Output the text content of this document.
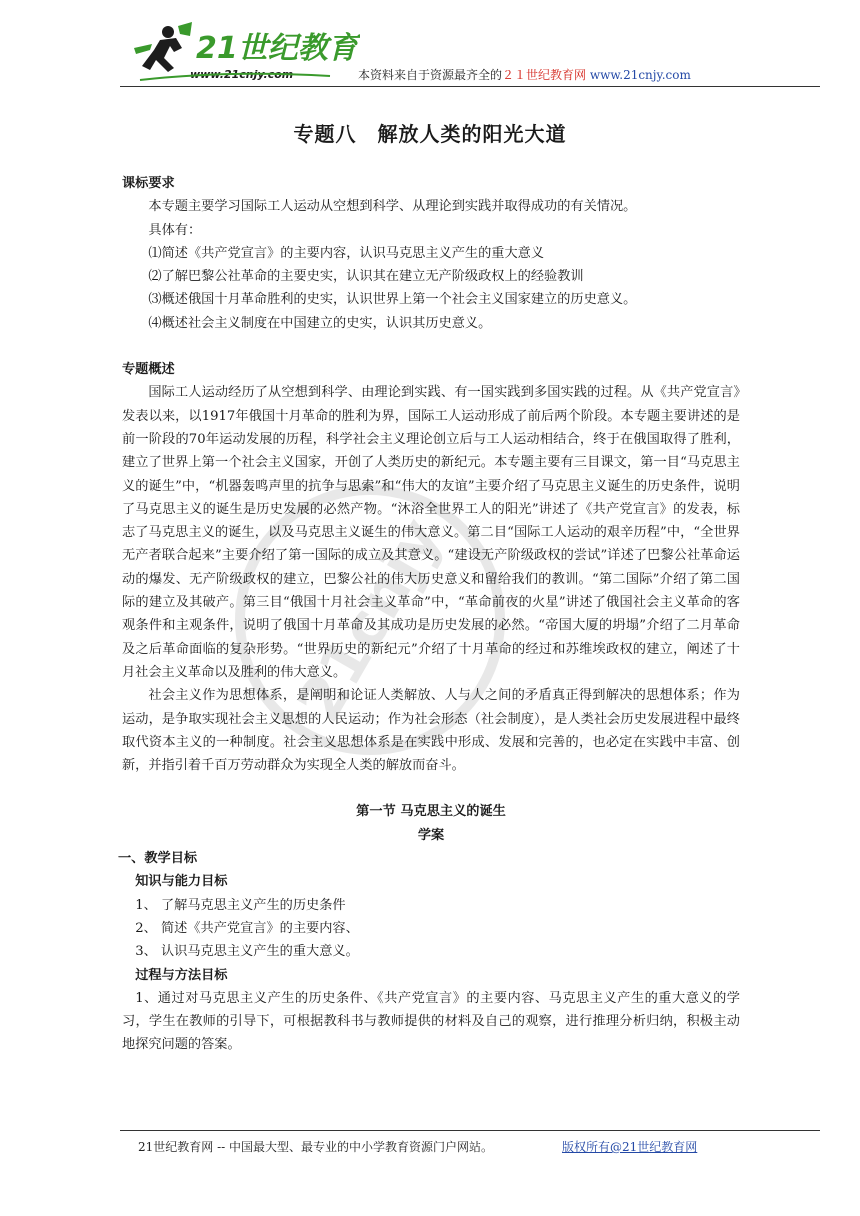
21世纪教育
www.21cnjy.com	本资料来自于资源最齐全的２１世纪教育网 www.21cnjy.com
21cnjy
专题八　解放人类的阳光大道
课标要求
本专题主要学习国际工人运动从空想到科学、从理论到实践并取得成功的有关情况。
具体有：
⑴简述《共产党宣言》的主要内容，认识马克思主义产生的重大意义
⑵了解巴黎公社革命的主要史实，认识其在建立无产阶级政权上的经验教训
⑶概述俄国十月革命胜利的史实，认识世界上第一个社会主义国家建立的历史意义。
⑷概述社会主义制度在中国建立的史实，认识其历史意义。
专题概述
国际工人运动经历了从空想到科学、由理论到实践、有一国实践到多国实践的过程。从《共产党宣言》发表以来，以1917年俄国十月革命的胜利为界，国际工人运动形成了前后两个阶段。本专题主要讲述的是前一阶段的70年运动发展的历程，科学社会主义理论创立后与工人运动相结合，终于在俄国取得了胜利，建立了世界上第一个社会主义国家，开创了人类历史的新纪元。本专题主要有三目课文，第一目“马克思主义的诞生”中，“机器轰鸣声里的抗争与思索”和“伟大的友谊”主要介绍了马克思主义诞生的历史条件，说明了马克思主义的诞生是历史发展的必然产物。“沐浴全世界工人的阳光”讲述了《共产党宣言》的发表，标志了马克思主义的诞生，以及马克思主义诞生的伟大意义。第二目“国际工人运动的艰辛历程”中，“全世界无产者联合起来”主要介绍了第一国际的成立及其意义。“建设无产阶级政权的尝试”详述了巴黎公社革命运动的爆发、无产阶级政权的建立，巴黎公社的伟大历史意义和留给我们的教训。“第二国际”介绍了第二国际的建立及其破产。第三目“俄国十月社会主义革命”中，“革命前夜的火星”讲述了俄国社会主义革命的客观条件和主观条件，说明了俄国十月革命及其成功是历史发展的必然。“帝国大厦的坍塌”介绍了二月革命及之后革命面临的复杂形势。“世界历史的新纪元”介绍了十月革命的经过和苏维埃政权的建立，阐述了十月社会主义革命以及胜利的伟大意义。
社会主义作为思想体系，是阐明和论证人类解放、人与人之间的矛盾真正得到解决的思想体系；作为运动，是争取实现社会主义思想的人民运动；作为社会形态（社会制度），是人类社会历史发展进程中最终取代资本主义的一种制度。社会主义思想体系是在实践中形成、发展和完善的，也必定在实践中丰富、创新，并指引着千百万劳动群众为实现全人类的解放而奋斗。
第一节 马克思主义的诞生
学案
一、教学目标
知识与能力目标
1、 了解马克思主义产生的历史条件
2、 简述《共产党宣言》的主要内容、
3、 认识马克思主义产生的重大意义。
过程与方法目标
1、通过对马克思主义产生的历史条件、《共产党宣言》的主要内容、马克思主义产生的重大意义的学习，学生在教师的引导下，可根据教科书与教师提供的材料及自己的观察，进行推理分析归纳，积极主动地探究问题的答案。
21世纪教育网 -- 中国最大型、最专业的中小学教育资源门户网站。	版权所有@21世纪教育网
